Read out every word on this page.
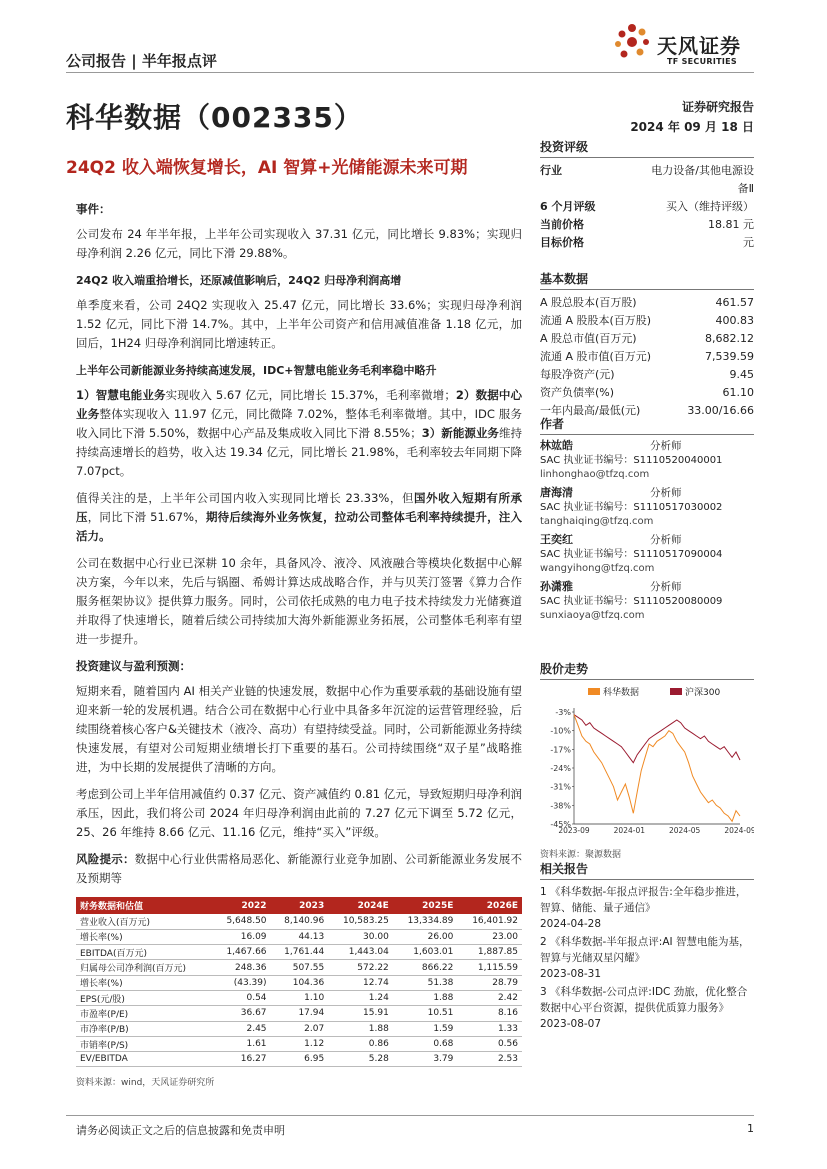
公司报告 | 半年报点评
天风证券
TF SECURITIES
科华数据（002335）	证券研究报告
2024 年 09 月 18 日
24Q2 收入端恢复增长，AI 智算+光储能源未来可期

事件：

公司发布 24 年半年报，上半年公司实现收入 37.31 亿元，同比增长 9.83%；实现归母净利润 2.26 亿元，同比下滑 29.88%。

24Q2 收入端重拾增长，还原减值影响后，24Q2 归母净利润高增

单季度来看，公司 24Q2 实现收入 25.47 亿元，同比增长 33.6%；实现归母净利润 1.52 亿元，同比下滑 14.7%。其中，上半年公司资产和信用减值准备 1.18 亿元，加回后，1H24 归母净利润同比增速转正。

上半年公司新能源业务持续高速发展，IDC+智慧电能业务毛利率稳中略升

1）智慧电能业务实现收入 5.67 亿元，同比增长 15.37%，毛利率微增；2）数据中心业务整体实现收入 11.97 亿元，同比微降 7.02%，整体毛利率微增。其中，IDC 服务收入同比下滑 5.50%，数据中心产品及集成收入同比下滑 8.55%；3）新能源业务维持持续高速增长的趋势，收入达 19.34 亿元，同比增长 21.98%，毛利率较去年同期下降 7.07pct。

值得关注的是，上半年公司国内收入实现同比增长 23.33%，但国外收入短期有所承压，同比下滑 51.67%，期待后续海外业务恢复，拉动公司整体毛利率持续提升，注入活力。

公司在数据中心行业已深耕 10 余年，具备风冷、液冷、风液融合等模块化数据中心解决方案，今年以来，先后与锅圈、希姆计算达成战略合作，并与贝芙汀签署《算力合作服务框架协议》提供算力服务。同时，公司依托成熟的电力电子技术持续发力光储赛道并取得了快速增长，随着后续公司持续加大海外新能源业务拓展，公司整体毛利率有望进一步提升。

投资建议与盈利预测：

短期来看，随着国内 AI 相关产业链的快速发展，数据中心作为重要承载的基础设施有望迎来新一轮的发展机遇。结合公司在数据中心行业中具备多年沉淀的运营管理经验，后续围绕着核心客户&关键技术（液冷、高功）有望持续受益。同时，公司新能源业务持续快速发展，有望对公司短期业绩增长打下重要的基石。公司持续围绕“双子星”战略推进，为中长期的发展提供了清晰的方向。

考虑到公司上半年信用减值约 0.37 亿元、资产减值约 0.81 亿元，导致短期归母净利润承压，因此，我们将公司 2024 年归母净利润由此前的 7.27 亿元下调至 5.72 亿元，25、26 年维持 8.66 亿元、11.16 亿元，维持“买入”评级。

风险提示：数据中心行业供需格局恶化、新能源行业竞争加剧、公司新能源业务发展不及预期等

财务数据和估值	2022	2023	2024E	2025E	2026E
营业收入(百万元)	5,648.50	8,140.96	10,583.25	13,334.89	16,401.92
增长率(%)	16.09	44.13	30.00	26.00	23.00
EBITDA(百万元)	1,467.66	1,761.44	1,443.04	1,603.01	1,887.85
归属母公司净利润(百万元)	248.36	507.55	572.22	866.22	1,115.59
增长率(%)	(43.39)	104.36	12.74	51.38	28.79
EPS(元/股)	0.54	1.10	1.24	1.88	2.42
市盈率(P/E)	36.67	17.94	15.91	10.51	8.16
市净率(P/B)	2.45	2.07	1.88	1.59	1.33
市销率(P/S)	1.61	1.12	0.86	0.68	0.56
EV/EBITDA	16.27	6.95	5.28	3.79	2.53
资料来源：wind，天风证券研究所
投资评级
行业	电力设备/其他电源设
备Ⅱ
6 个月评级	买入（维持评级）
当前价格	18.81 元
目标价格	元
基本数据
A 股总股本(百万股)	461.57
流通 A 股股本(百万股)	400.83
A 股总市值(百万元)	8,682.12
流通 A 股市值(百万元)	7,539.59
每股净资产(元)	9.45
资产负债率(%)	61.10
一年内最高/最低(元)	33.00/16.66
作者
林竑皓	分析师
SAC 执业证书编号：S1110520040001
linhonghao@tfzq.com
唐海清	分析师
SAC 执业证书编号：S1110517030002
tanghaiqing@tfzq.com
王奕红	分析师
SAC 执业证书编号：S1110517090004
wangyihong@tfzq.com
孙潇雅	分析师
SAC 执业证书编号：S1110520080009
sunxiaoya@tfzq.com
股价走势
科华数据	沪深300
-3%
-10%
-17%
-24%
-31%
-38%
-45%
2023-09	2024-01	2024-05	2024-09
资料来源：聚源数据
相关报告

1 《科华数据-年报点评报告:全年稳步推进，智算、储能、量子通信》

2024-04-28

2 《科华数据-半年报点评:AI 智慧电能为基，智算与光储双星闪耀》

2023-08-31

3 《科华数据-公司点评:IDC 劲旅，优化整合数据中心平台资源，提供优质算力服务》

2023-08-07
请务必阅读正文之后的信息披露和免责申明	1
